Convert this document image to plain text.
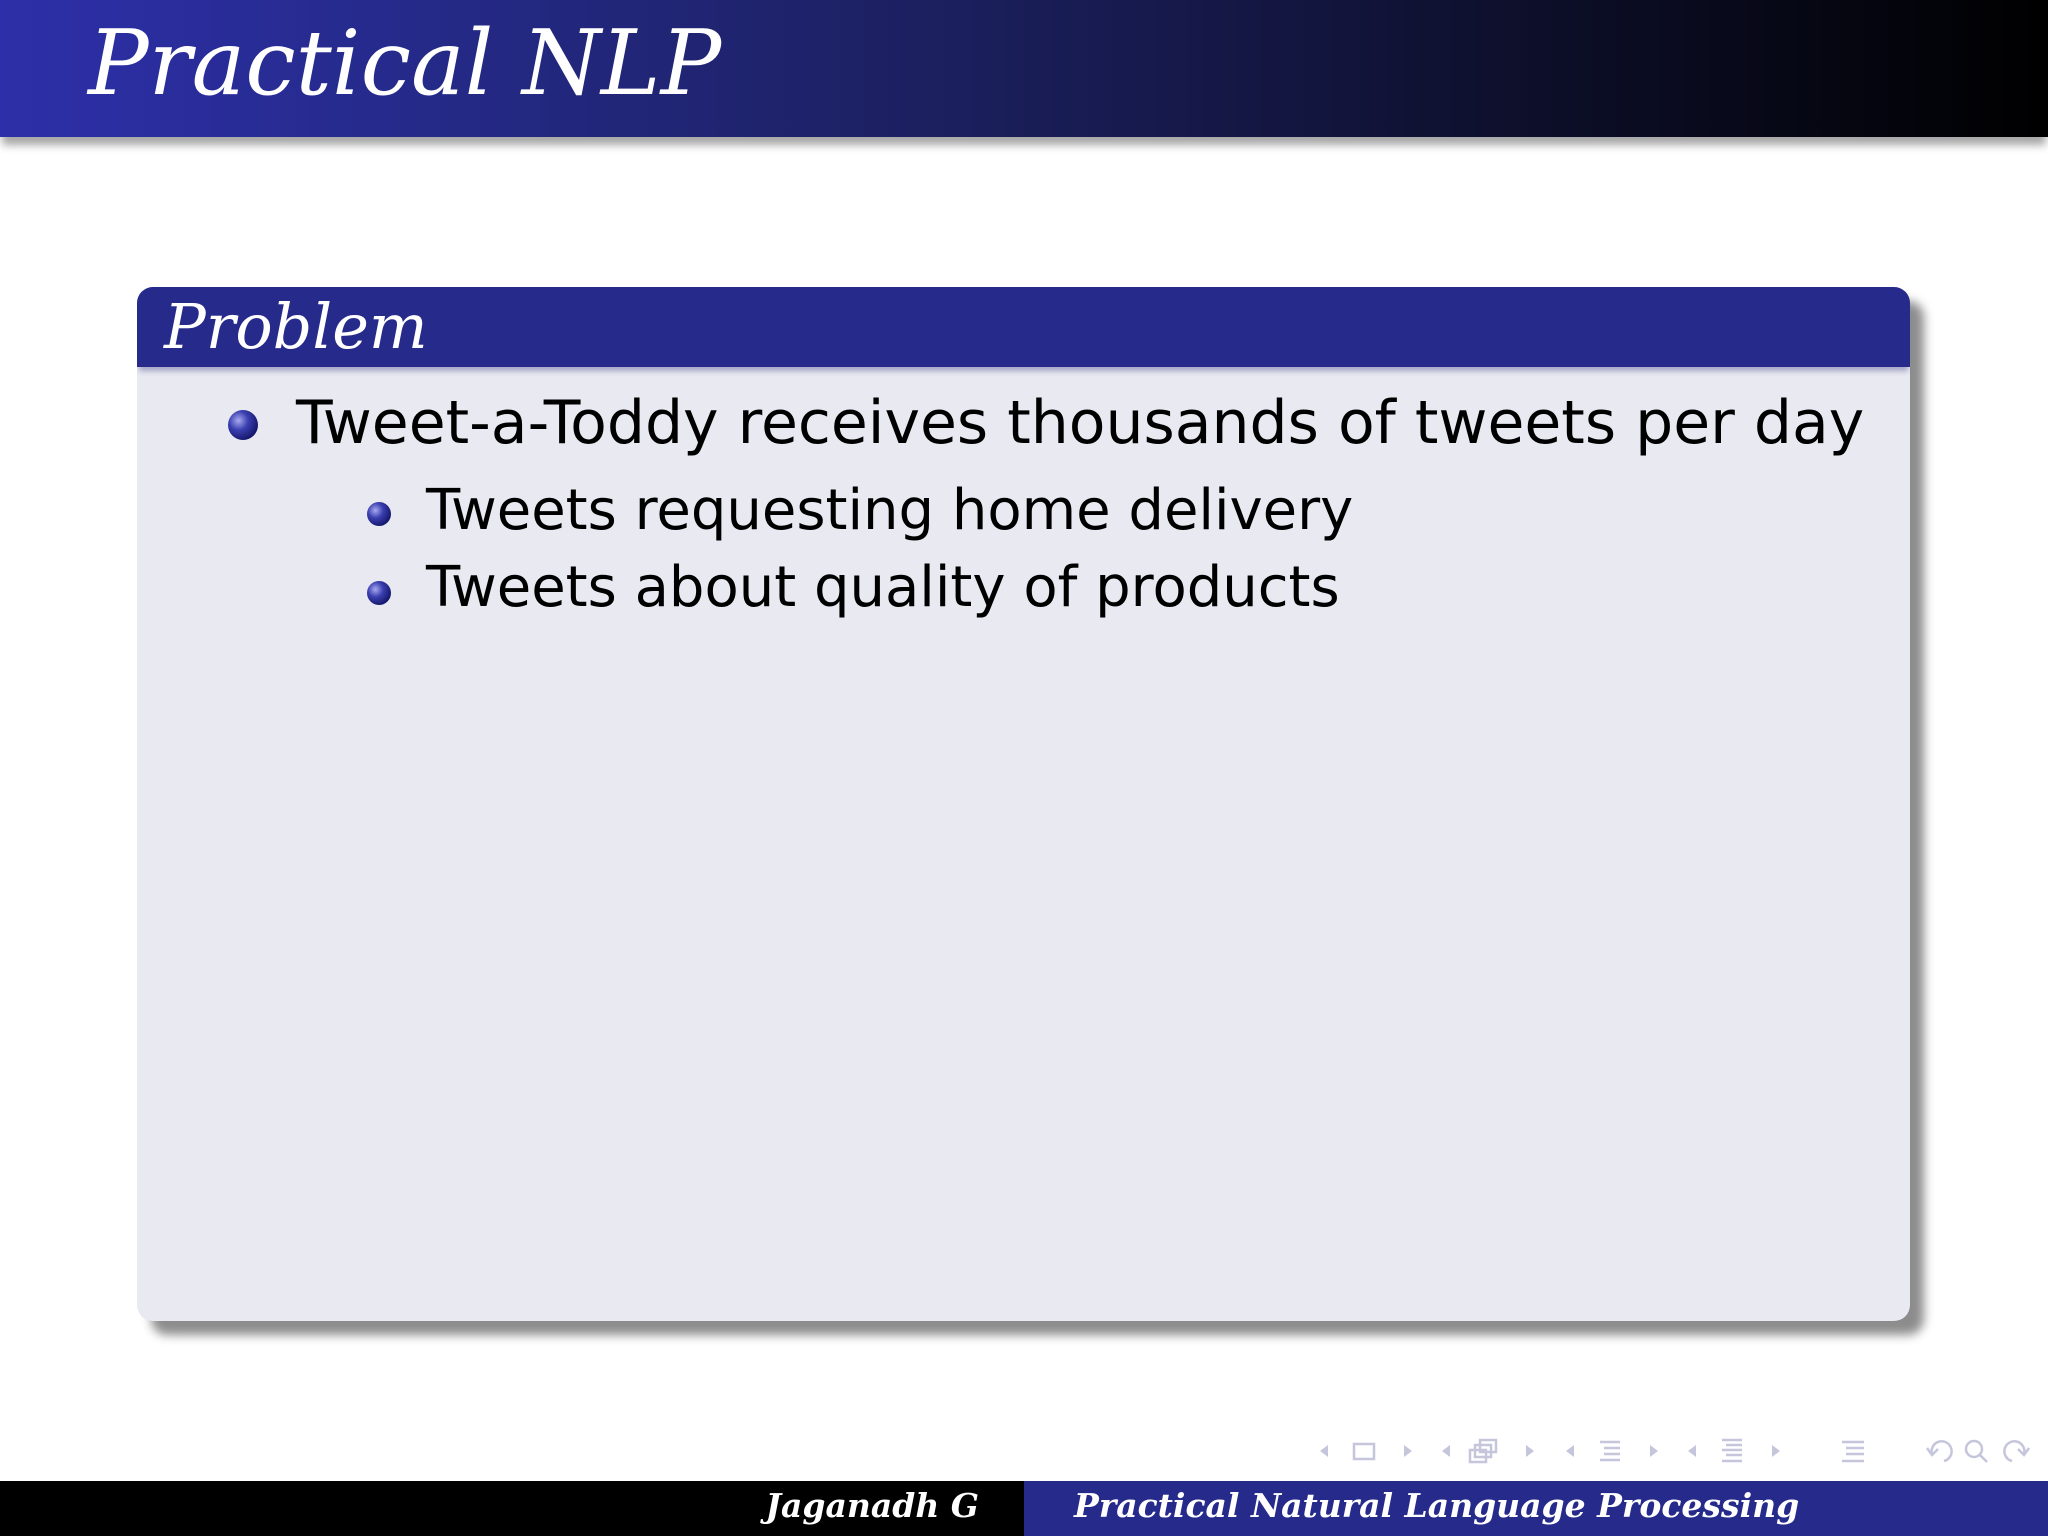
Practical NLP
Problem
Tweet-a-Toddy receives thousands of tweets per day
Tweets requesting home delivery
Tweets about quality of products
Jaganadh G	Practical Natural Language Processing
